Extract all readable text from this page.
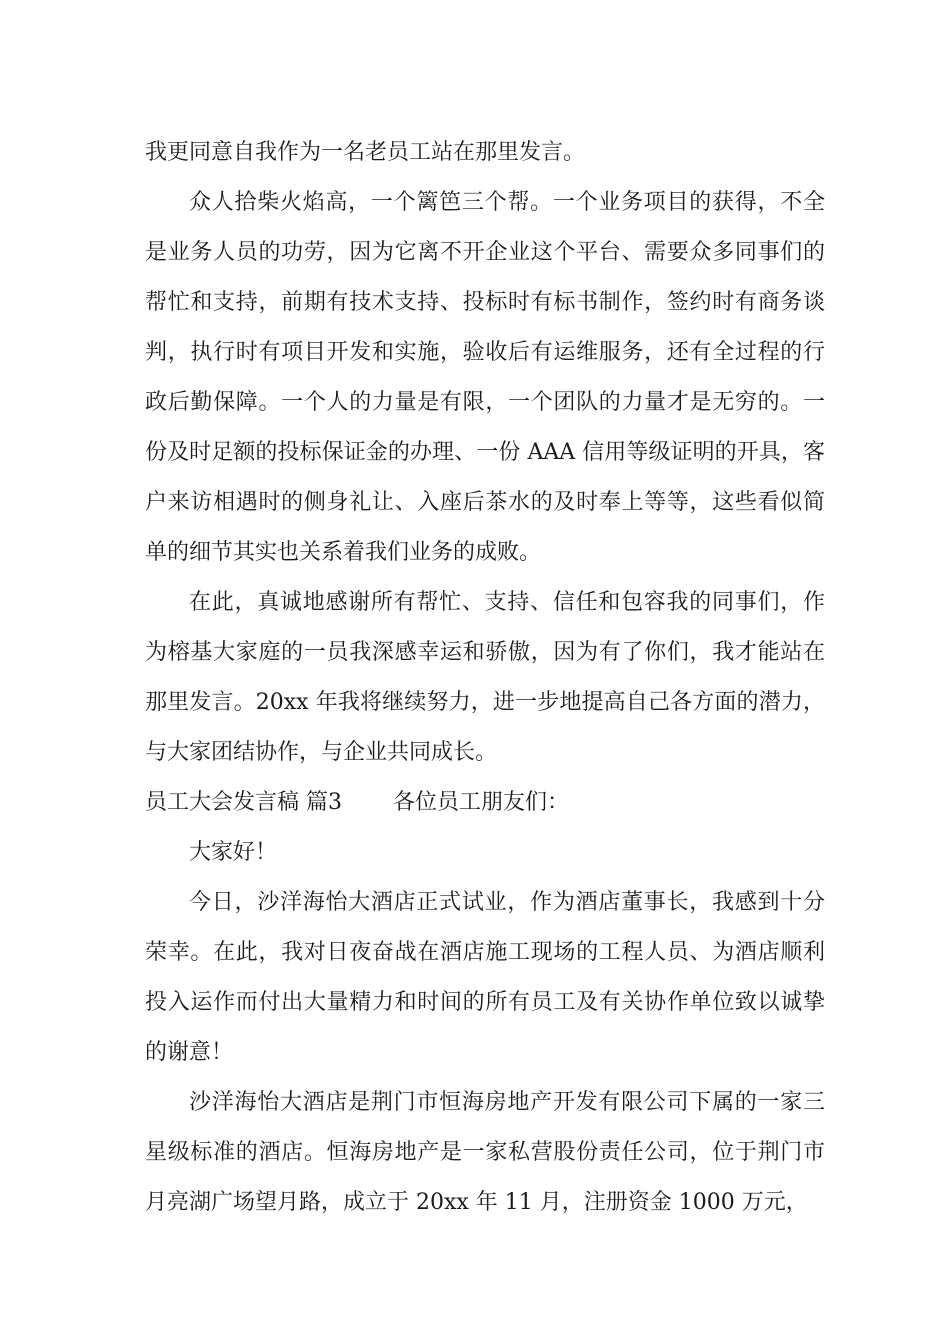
我更同意自我作为一名老员工站在那里发言。

众人拾柴火焰高，一个篱笆三个帮。一个业务项目的获得，不全是业务人员的功劳，因为它离不开企业这个平台、需要众多同事们的帮忙和支持，前期有技术支持、投标时有标书制作，签约时有商务谈判，执行时有项目开发和实施，验收后有运维服务，还有全过程的行政后勤保障。一个人的力量是有限，一个团队的力量才是无穷的。一份及时足额的投标保证金的办理、一份 AAA 信用等级证明的开具，客户来访相遇时的侧身礼让、入座后茶水的及时奉上等等，这些看似简单的细节其实也关系着我们业务的成败。

在此，真诚地感谢所有帮忙、支持、信任和包容我的同事们，作为榕基大家庭的一员我深感幸运和骄傲，因为有了你们，我才能站在那里发言。20xx 年我将继续努力，进一步地提高自己各方面的潜力，与大家团结协作，与企业共同成长。

员工大会发言稿 篇3　　 各位员工朋友们：

大家好！

今日，沙洋海怡大酒店正式试业，作为酒店董事长，我感到十分荣幸。在此，我对日夜奋战在酒店施工现场的工程人员、为酒店顺利投入运作而付出大量精力和时间的所有员工及有关协作单位致以诚挚的谢意！

沙洋海怡大酒店是荆门市恒海房地产开发有限公司下属的一家三星级标准的酒店。恒海房地产是一家私营股份责任公司，位于荆门市月亮湖广场望月路，成立于 20xx 年 11 月，注册资金 1000 万元，
